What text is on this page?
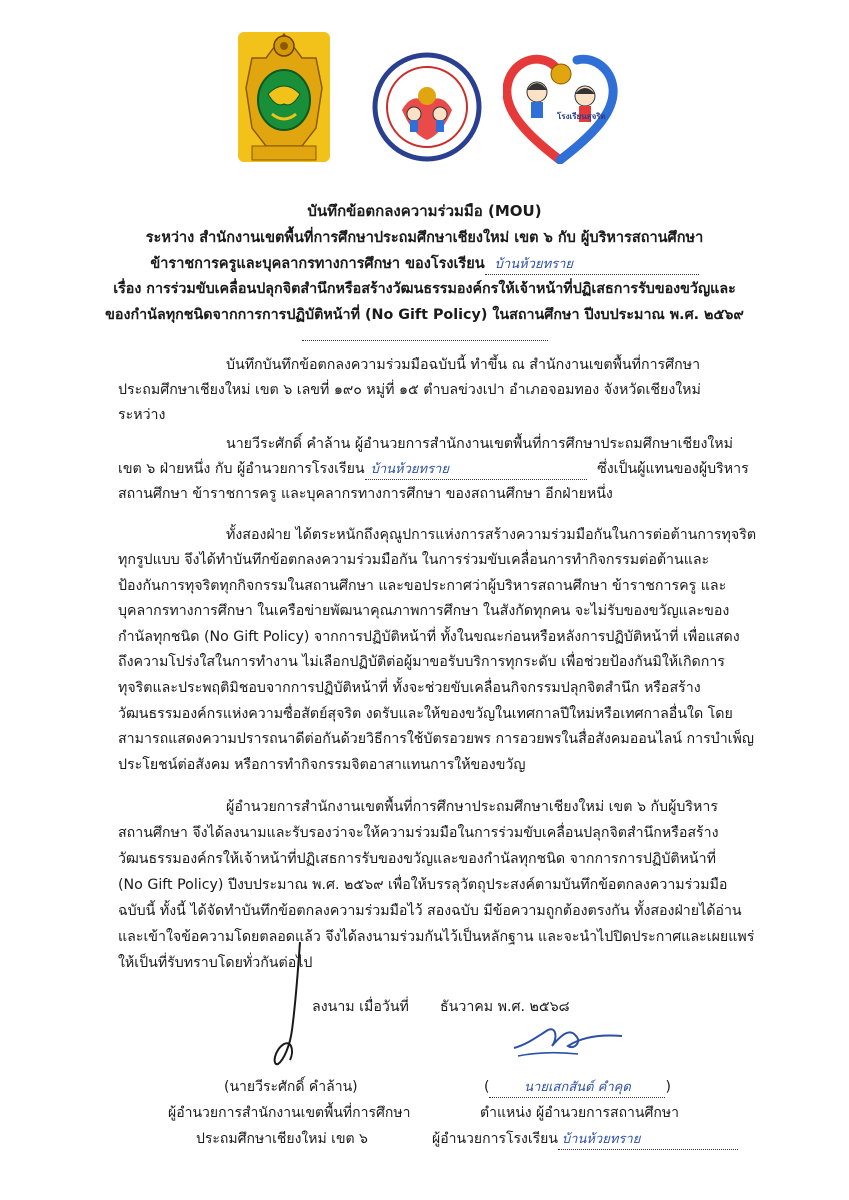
โรงเรียนสุจริต
บันทึกข้อตกลงความร่วมมือ (MOU)
ระหว่าง สำนักงานเขตพื้นที่การศึกษาประถมศึกษาเชียงใหม่ เขต ๖ กับ ผู้บริหารสถานศึกษา
ข้าราชการครูและบุคลากรทางการศึกษา ของโรงเรียน บ้านห้วยทราย
เรื่อง การร่วมขับเคลื่อนปลุกจิตสำนึกหรือสร้างวัฒนธรรมองค์กรให้เจ้าหน้าที่ปฏิเสธการรับของขวัญและ
ของกำนัลทุกชนิดจากการการปฏิบัติหน้าที่ (No Gift Policy) ในสถานศึกษา ปีงบประมาณ พ.ศ. ๒๕๖๙
บันทึกบันทึกข้อตกลงความร่วมมือฉบับนี้ ทำขึ้น ณ สำนักงานเขตพื้นที่การศึกษา
ประถมศึกษาเชียงใหม่ เขต ๖ เลขที่ ๑๙๐ หมู่ที่ ๑๕ ตำบลข่วงเปา อำเภอจอมทอง จังหวัดเชียงใหม่
ระหว่าง
นายวีระศักดิ์ คำล้าน ผู้อำนวยการสำนักงานเขตพื้นที่การศึกษาประถมศึกษาเชียงใหม่
เขต ๖ ฝ่ายหนึ่ง กับ ผู้อำนวยการโรงเรียน บ้านห้วยทราย	ซึ่งเป็นผู้แทนของผู้บริหาร
สถานศึกษา ข้าราชการครู และบุคลากรทางการศึกษา ของสถานศึกษา อีกฝ่ายหนึ่ง
ทั้งสองฝ่าย ได้ตระหนักถึงคุณูปการแห่งการสร้างความร่วมมือกันในการต่อต้านการทุจริต
ทุกรูปแบบ จึงได้ทำบันทึกข้อตกลงความร่วมมือกัน ในการร่วมขับเคลื่อนการทำกิจกรรมต่อต้านและ
ป้องกันการทุจริตทุกกิจกรรมในสถานศึกษา และขอประกาศว่าผู้บริหารสถานศึกษา ข้าราชการครู และ
บุคลากรทางการศึกษา ในเครือข่ายพัฒนาคุณภาพการศึกษา ในสังกัดทุกคน จะไม่รับของขวัญและของ
กำนัลทุกชนิด (No Gift Policy) จากการปฏิบัติหน้าที่ ทั้งในขณะก่อนหรือหลังการปฏิบัติหน้าที่ เพื่อแสดง
ถึงความโปร่งใสในการทำงาน ไม่เลือกปฏิบัติต่อผู้มาขอรับบริการทุกระดับ เพื่อช่วยป้องกันมิให้เกิดการ
ทุจริตและประพฤติมิชอบจากการปฏิบัติหน้าที่ ทั้งจะช่วยขับเคลื่อนกิจกรรมปลุกจิตสำนึก หรือสร้าง
วัฒนธรรมองค์กรแห่งความซื่อสัตย์สุจริต งดรับและให้ของขวัญในเทศกาลปีใหม่หรือเทศกาลอื่นใด โดย
สามารถแสดงความปรารถนาดีต่อกันด้วยวิธีการใช้บัตรอวยพร การอวยพรในสื่อสังคมออนไลน์ การบำเพ็ญ
ประโยชน์ต่อสังคม หรือการทำกิจกรรมจิตอาสาแทนการให้ของขวัญ
ผู้อำนวยการสำนักงานเขตพื้นที่การศึกษาประถมศึกษาเชียงใหม่ เขต ๖ กับผู้บริหาร
สถานศึกษา จึงได้ลงนามและรับรองว่าจะให้ความร่วมมือในการร่วมขับเคลื่อนปลุกจิตสำนึกหรือสร้าง
วัฒนธรรมองค์กรให้เจ้าหน้าที่ปฏิเสธการรับของขวัญและของกำนัลทุกชนิด จากการการปฏิบัติหน้าที่
(No Gift Policy) ปีงบประมาณ พ.ศ. ๒๕๖๙ เพื่อให้บรรลุวัตถุประสงค์ตามบันทึกข้อตกลงความร่วมมือ
ฉบับนี้ ทั้งนี้ ได้จัดทำบันทึกข้อตกลงความร่วมมือไว้ สองฉบับ มีข้อความถูกต้องตรงกัน ทั้งสองฝ่ายได้อ่าน
และเข้าใจข้อความโดยตลอดแล้ว จึงได้ลงนามร่วมกันไว้เป็นหลักฐาน และจะนำไปปิดประกาศและเผยแพร่
ให้เป็นที่รับทราบโดยทั่วกันต่อไป
ลงนาม เมื่อวันที่ ธันวาคม พ.ศ. ๒๕๖๘
(นายวีระศักดิ์ คำล้าน)
ผู้อำนวยการสำนักงานเขตพื้นที่การศึกษา
ประถมศึกษาเชียงใหม่ เขต ๖
(	นายเสกสันต์ คำคุด )
ตำแหน่ง ผู้อำนวยการสถานศึกษา
ผู้อำนวยการโรงเรียน บ้านห้วยทราย
